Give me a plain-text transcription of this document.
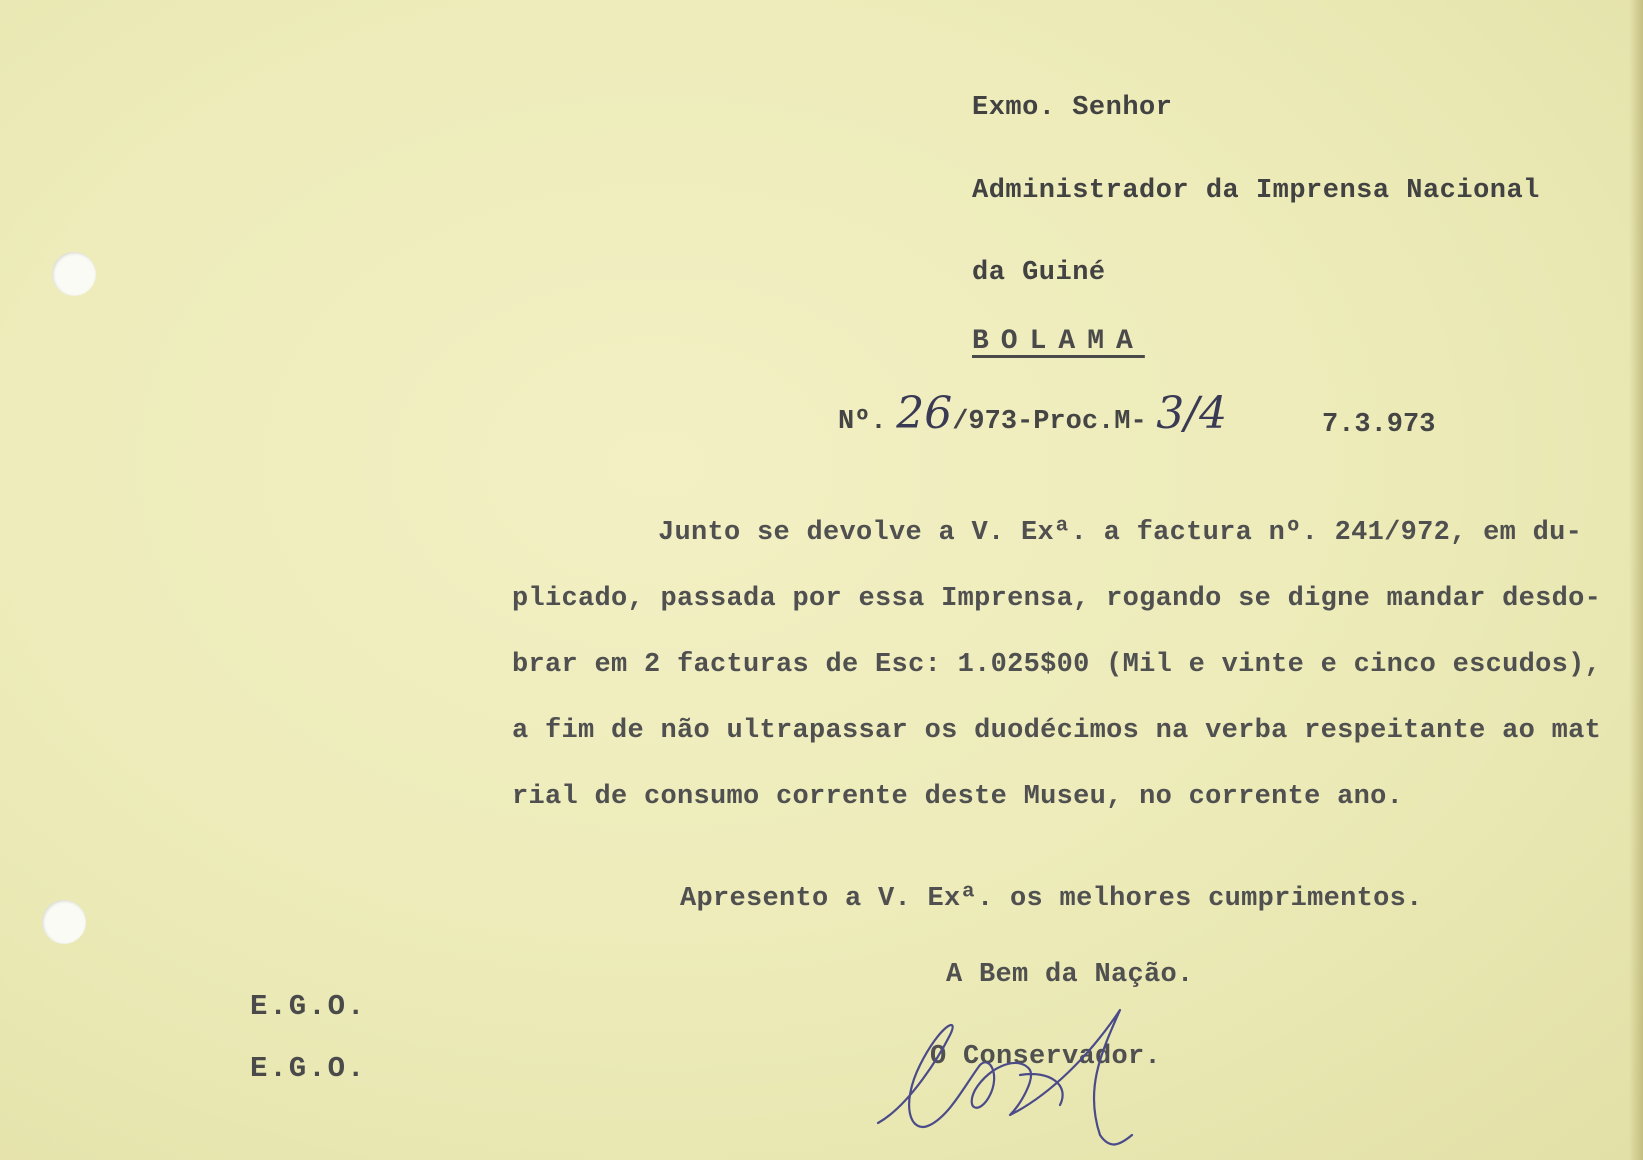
Exmo. Senhor
Administrador da Imprensa Nacional
da Guiné
BOLAMA
Nº. 26/973-Proc.M- 3/4	7.3.973
Junto se devolve a V. Exª. a factura nº. 241/972, em du-
plicado, passada por essa Imprensa, rogando se digne mandar desdo-
brar em 2 facturas de Esc: 1.025$00 (Mil e vinte e cinco escudos),
a fim de não ultrapassar os duodécimos na verba respeitante ao mat
rial de consumo corrente deste Museu, no corrente ano.
Apresento a V. Exª. os melhores cumprimentos.
A Bem da Nação.
O Conservador.
E.G.O.
E.G.O.
